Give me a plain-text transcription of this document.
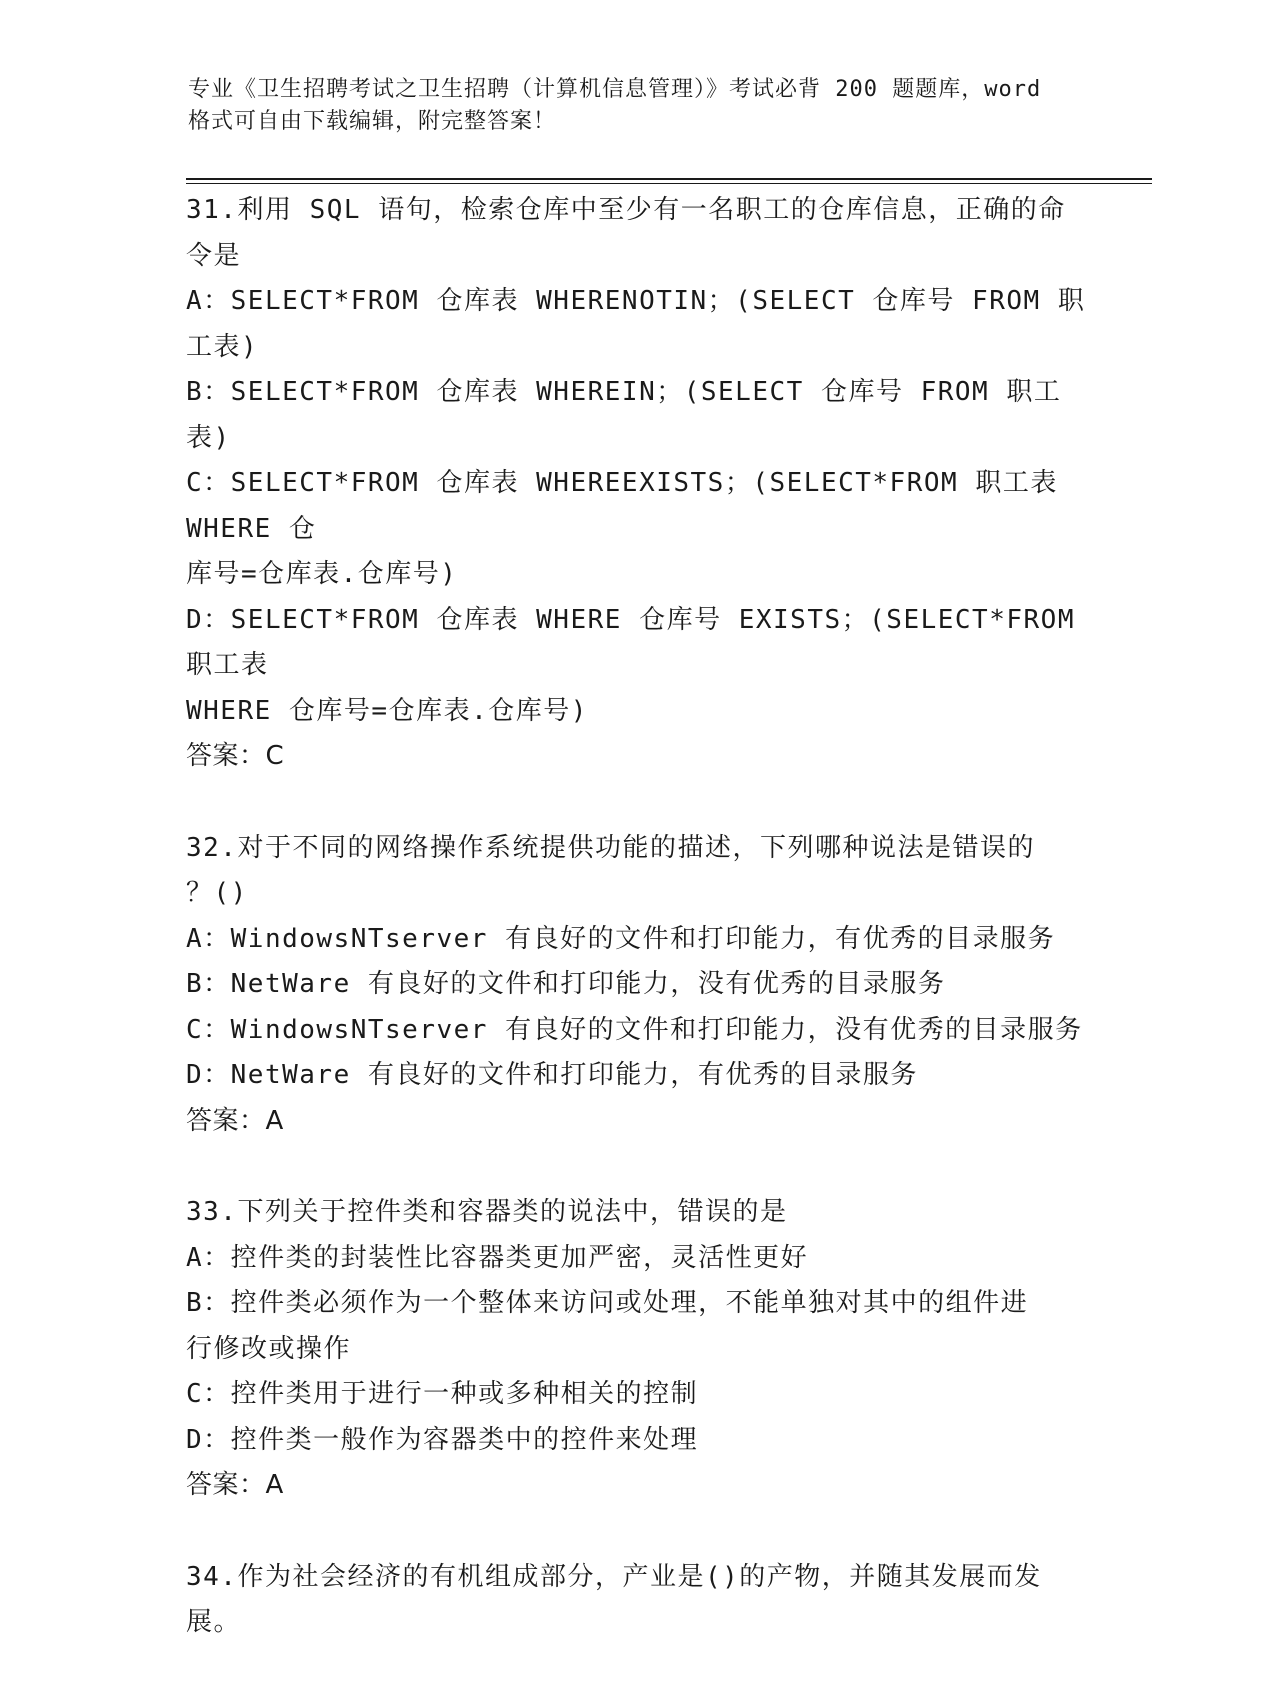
专业《卫生招聘考试之卫生招聘（计算机信息管理）》考试必背 200 题题库，word
格式可自由下载编辑，附完整答案！

31.利用 SQL 语句，检索仓库中至少有一名职工的仓库信息，正确的命

令是

A：SELECT*FROM 仓库表 WHERENOTIN；(SELECT 仓库号 FROM 职工表)

B：SELECT*FROM 仓库表 WHEREIN；(SELECT 仓库号 FROM 职工表)

C：SELECT*FROM 仓库表 WHEREEXISTS；(SELECT*FROM 职工表 WHERE 仓

库号=仓库表.仓库号)

D：SELECT*FROM 仓库表 WHERE 仓库号 EXISTS；(SELECT*FROM 职工表

WHERE 仓库号=仓库表.仓库号)

答案：C

32.对于不同的网络操作系统提供功能的描述，下列哪种说法是错误的

？()

A：WindowsNTserver 有良好的文件和打印能力，有优秀的目录服务

B：NetWare 有良好的文件和打印能力，没有优秀的目录服务

C：WindowsNTserver 有良好的文件和打印能力，没有优秀的目录服务

D：NetWare 有良好的文件和打印能力，有优秀的目录服务

答案：A

33.下列关于控件类和容器类的说法中，错误的是

A：控件类的封装性比容器类更加严密，灵活性更好

B：控件类必须作为一个整体来访问或处理，不能单独对其中的组件进

行修改或操作

C：控件类用于进行一种或多种相关的控制

D：控件类一般作为容器类中的控件来处理

答案：A

34.作为社会经济的有机组成部分，产业是()的产物，并随其发展而发

展。
